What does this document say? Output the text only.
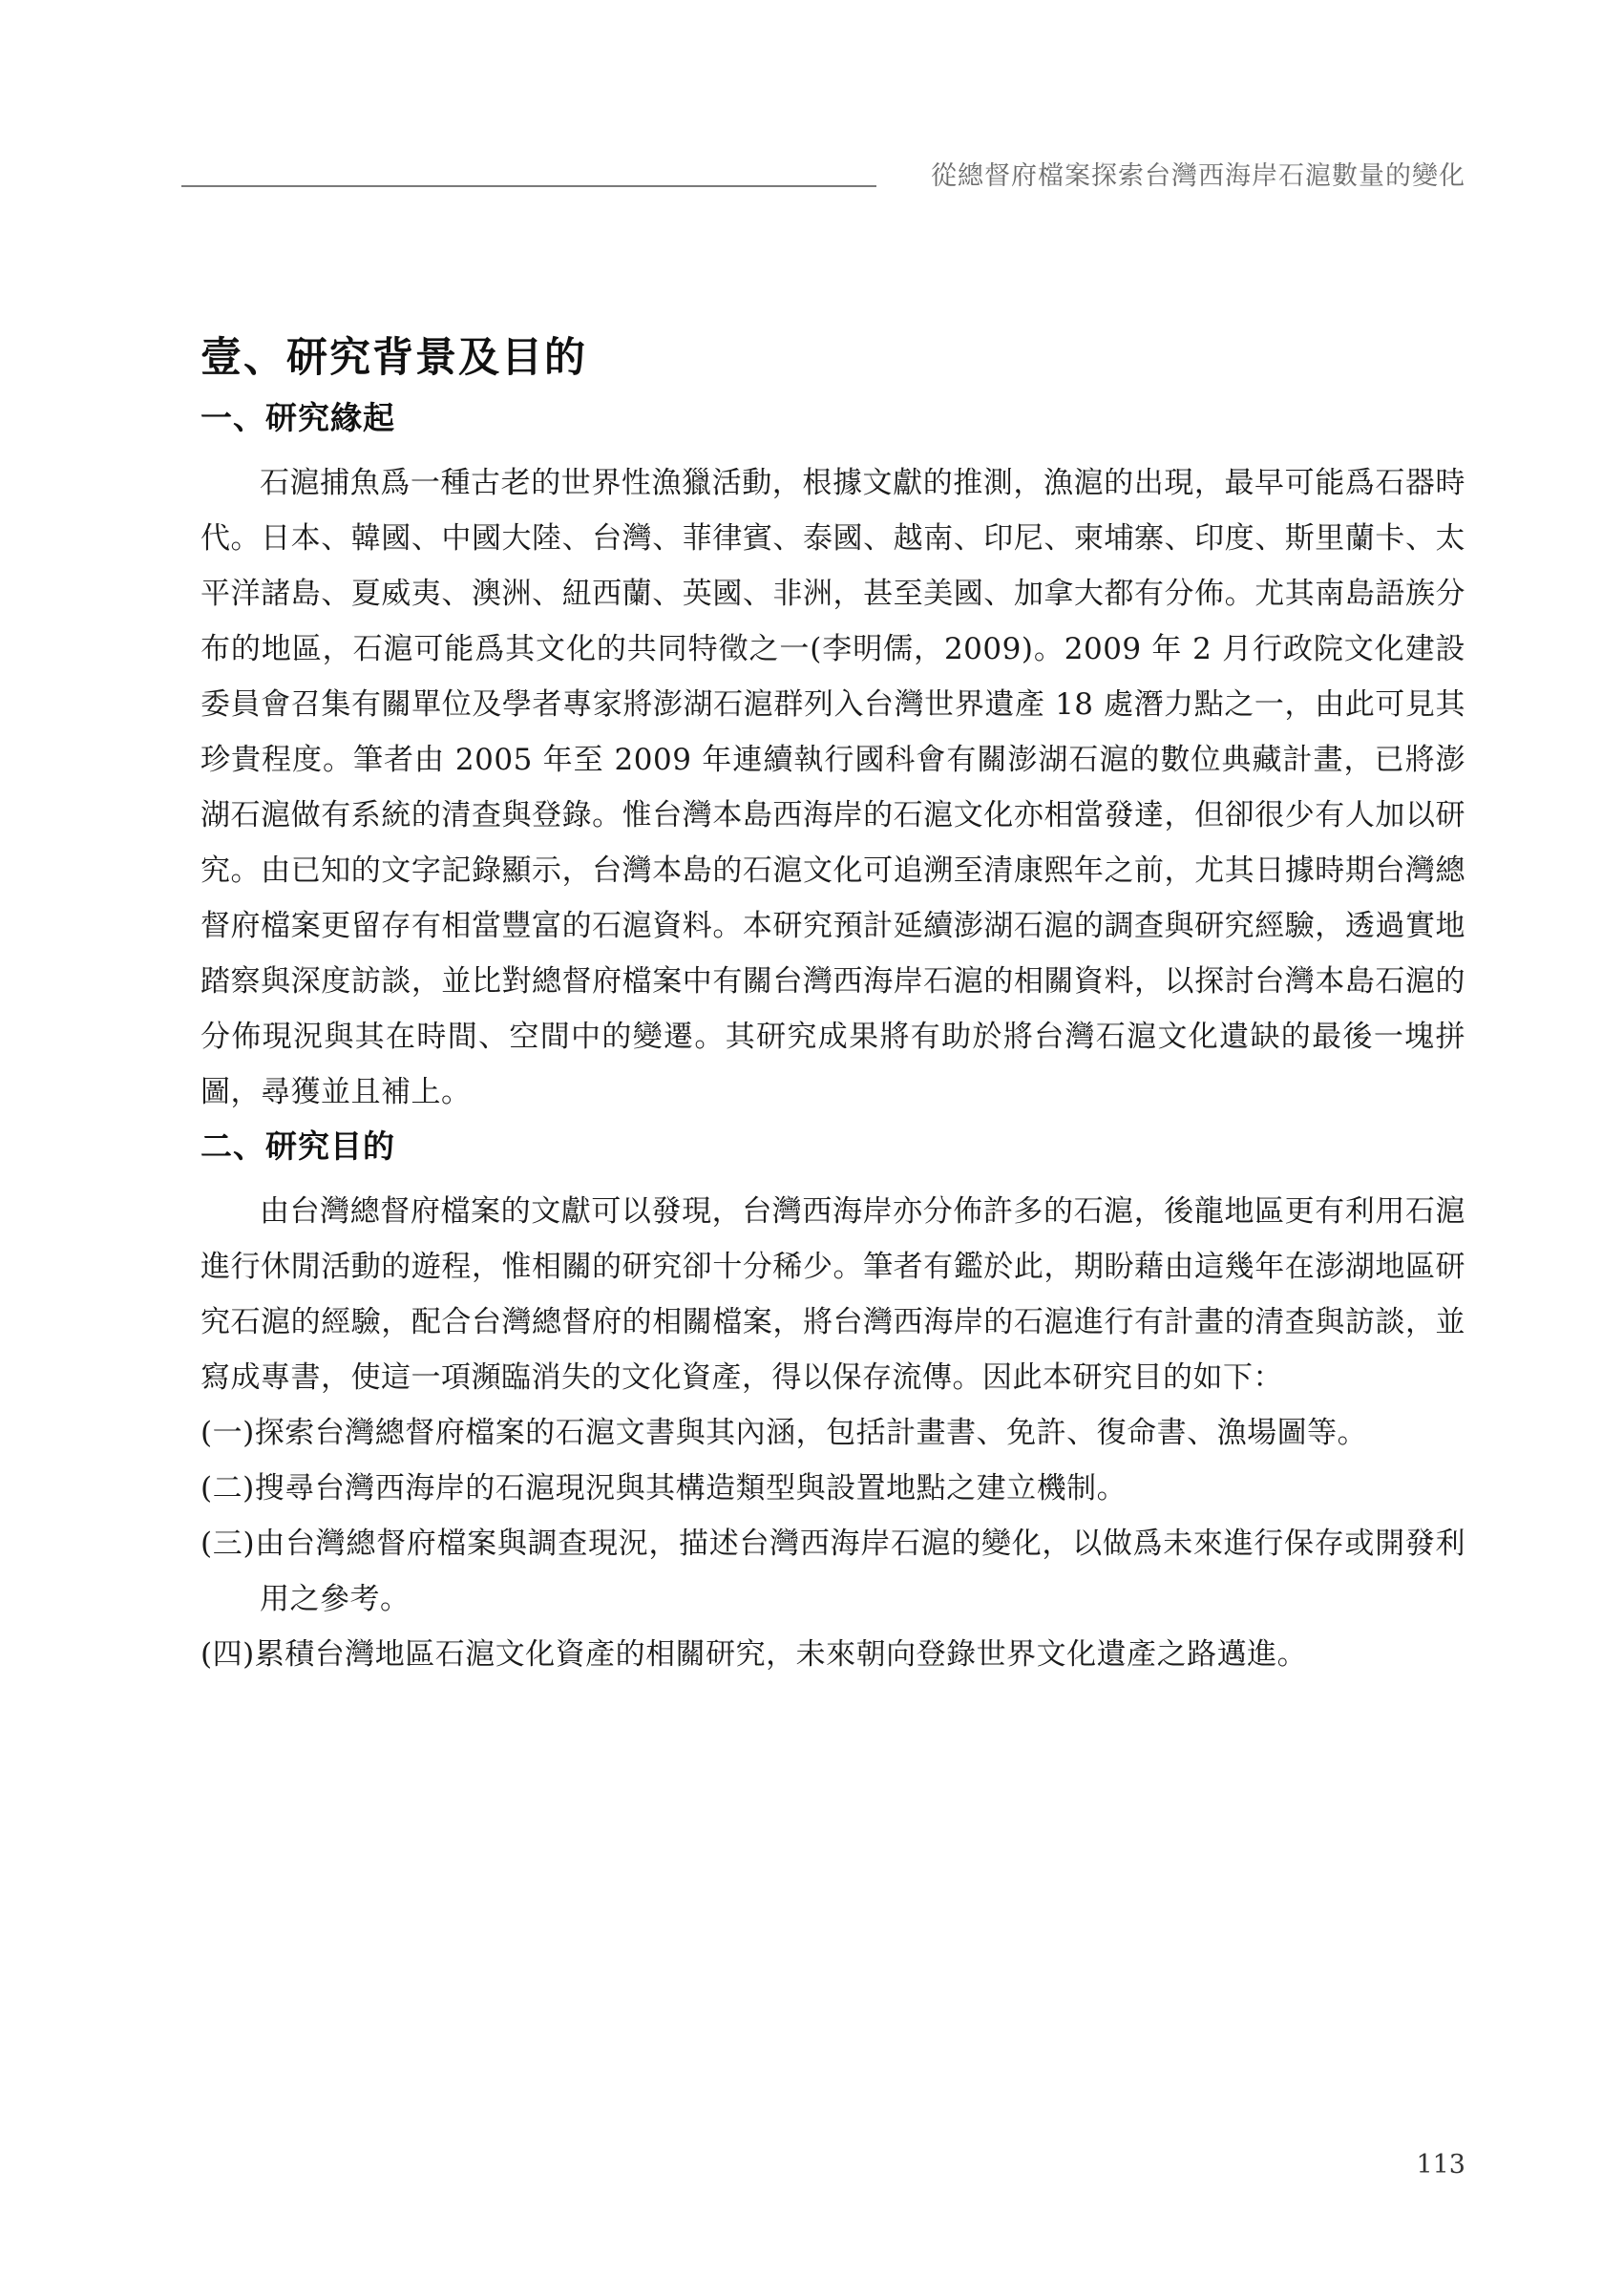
從總督府檔案探索台灣西海岸石滬數量的變化
壹、研究背景及目的
一、研究緣起

石滬捕魚爲一種古老的世界性漁獵活動，根據文獻的推測，漁滬的出現，最早可能爲石器時代。日本、韓國、中國大陸、台灣、菲律賓、泰國、越南、印尼、柬埔寨、印度、斯里蘭卡、太平洋諸島、夏威夷、澳洲、紐西蘭、英國、非洲，甚至美國、加拿大都有分佈。尤其南島語族分布的地區，石滬可能爲其文化的共同特徵之一(李明儒，2009)。2009 年 2 月行政院文化建設委員會召集有關單位及學者專家將澎湖石滬群列入台灣世界遺產 18 處潛力點之一，由此可見其珍貴程度。筆者由 2005 年至 2009 年連續執行國科會有關澎湖石滬的數位典藏計畫，已將澎湖石滬做有系統的清查與登錄。惟台灣本島西海岸的石滬文化亦相當發達，但卻很少有人加以研究。由已知的文字記錄顯示，台灣本島的石滬文化可追溯至清康熙年之前，尤其日據時期台灣總督府檔案更留存有相當豐富的石滬資料。本研究預計延續澎湖石滬的調查與研究經驗，透過實地踏察與深度訪談，並比對總督府檔案中有關台灣西海岸石滬的相關資料，以探討台灣本島石滬的分佈現況與其在時間、空間中的變遷。其研究成果將有助於將台灣石滬文化遺缺的最後一塊拼圖，尋獲並且補上。

二、研究目的

由台灣總督府檔案的文獻可以發現，台灣西海岸亦分佈許多的石滬，後龍地區更有利用石滬進行休閒活動的遊程，惟相關的研究卻十分稀少。筆者有鑑於此，期盼藉由這幾年在澎湖地區研究石滬的經驗，配合台灣總督府的相關檔案，將台灣西海岸的石滬進行有計畫的清查與訪談，並寫成專書，使這一項瀕臨消失的文化資產，得以保存流傳。因此本研究目的如下：

(一)探索台灣總督府檔案的石滬文書與其內涵，包括計畫書、免許、復命書、漁場圖等。
(二)搜尋台灣西海岸的石滬現況與其構造類型與設置地點之建立機制。
(三)由台灣總督府檔案與調查現況，描述台灣西海岸石滬的變化，以做爲未來進行保存或開發利用之參考。
(四)累積台灣地區石滬文化資產的相關研究，未來朝向登錄世界文化遺產之路邁進。
113
